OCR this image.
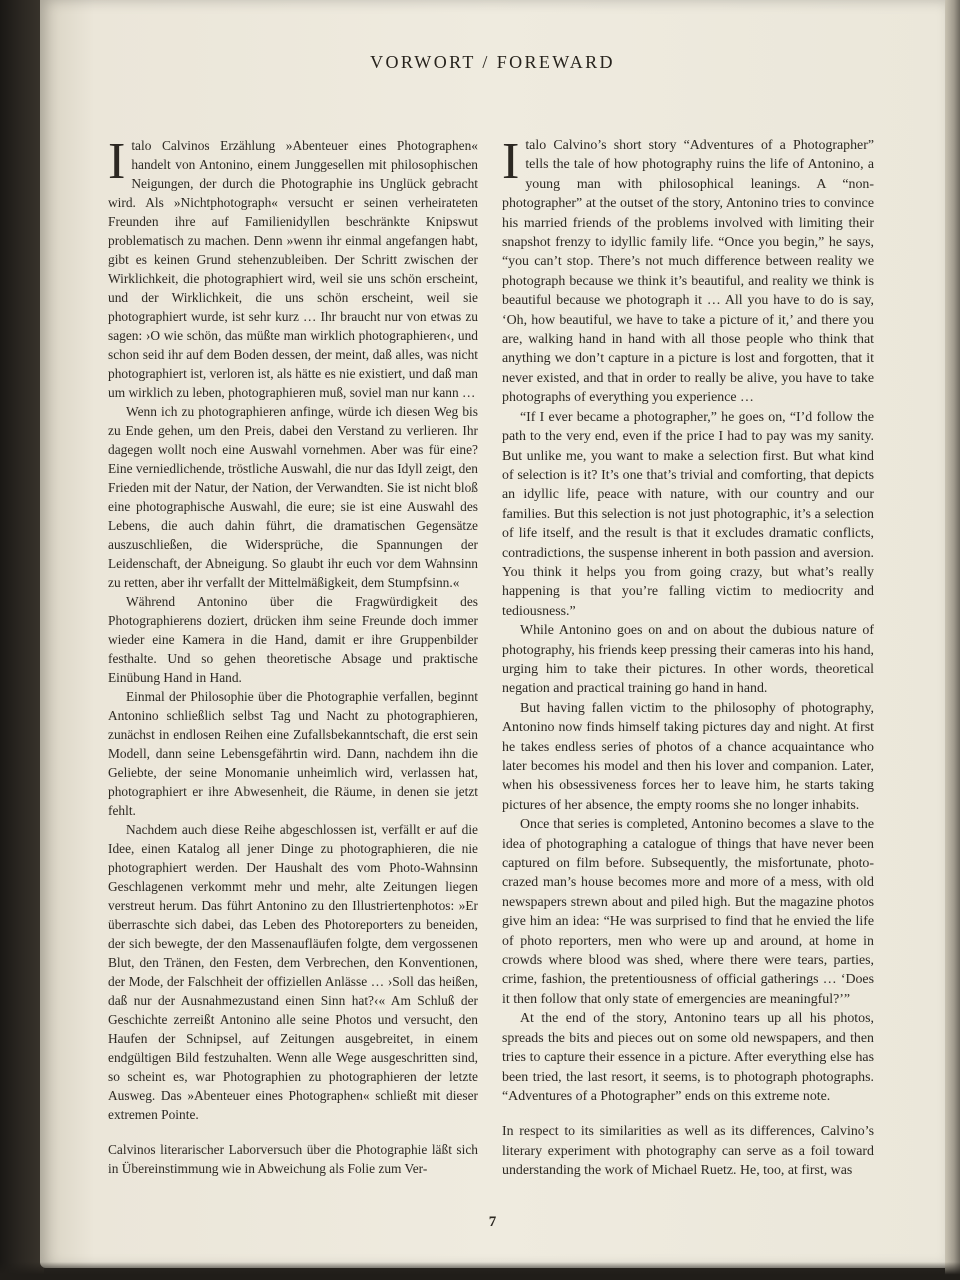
VORWORT / FOREWARD

Italo Calvinos Erzählung »Abenteuer eines Photographen« handelt von Antonino, einem Junggesellen mit philosophischen Neigungen, der durch die Photographie ins Unglück gebracht wird. Als »Nichtphotograph« versucht er seinen verheirateten Freunden ihre auf Familienidyllen beschränkte Knipswut problematisch zu machen. Denn »wenn ihr einmal angefangen habt, gibt es keinen Grund stehenzubleiben. Der Schritt zwischen der Wirklichkeit, die photographiert wird, weil sie uns schön erscheint, und der Wirklichkeit, die uns schön erscheint, weil sie photographiert wurde, ist sehr kurz … Ihr braucht nur von etwas zu sagen: ›O wie schön, das müßte man wirklich photographieren‹, und schon seid ihr auf dem Boden dessen, der meint, daß alles, was nicht photographiert ist, verloren ist, als hätte es nie existiert, und daß man um wirklich zu leben, photographieren muß, soviel man nur kann …

Wenn ich zu photographieren anfinge, würde ich diesen Weg bis zu Ende gehen, um den Preis, dabei den Verstand zu verlieren. Ihr dagegen wollt noch eine Auswahl vornehmen. Aber was für eine? Eine verniedlichende, tröstliche Auswahl, die nur das Idyll zeigt, den Frieden mit der Natur, der Nation, der Verwandten. Sie ist nicht bloß eine photographische Auswahl, die eure; sie ist eine Auswahl des Lebens, die auch dahin führt, die dramatischen Gegensätze auszuschließen, die Widersprüche, die Spannungen der Leidenschaft, der Abneigung. So glaubt ihr euch vor dem Wahnsinn zu retten, aber ihr verfallt der Mittelmäßigkeit, dem Stumpfsinn.«

Während Antonino über die Fragwürdigkeit des Photographierens doziert, drücken ihm seine Freunde doch immer wieder eine Kamera in die Hand, damit er ihre Gruppenbilder festhalte. Und so gehen theoretische Absage und praktische Einübung Hand in Hand.

Einmal der Philosophie über die Photographie verfallen, beginnt Antonino schließlich selbst Tag und Nacht zu photographieren, zunächst in endlosen Reihen eine Zufallsbekanntschaft, die erst sein Modell, dann seine Lebensgefährtin wird. Dann, nachdem ihn die Geliebte, der seine Monomanie unheimlich wird, verlassen hat, photographiert er ihre Abwesenheit, die Räume, in denen sie jetzt fehlt.

Nachdem auch diese Reihe abgeschlossen ist, verfällt er auf die Idee, einen Katalog all jener Dinge zu photographieren, die nie photographiert werden. Der Haushalt des vom Photo-Wahnsinn Geschlagenen verkommt mehr und mehr, alte Zeitungen liegen verstreut herum. Das führt Antonino zu den Illustriertenphotos: »Er überraschte sich dabei, das Leben des Photoreporters zu beneiden, der sich bewegte, der den Massenaufläufen folgte, dem vergossenen Blut, den Tränen, den Festen, dem Verbrechen, den Konventionen, der Mode, der Falschheit der offiziellen Anlässe … ›Soll das heißen, daß nur der Ausnahmezustand einen Sinn hat?‹« Am Schluß der Geschichte zerreißt Antonino alle seine Photos und versucht, den Haufen der Schnipsel, auf Zeitungen ausgebreitet, in einem endgültigen Bild festzuhalten. Wenn alle Wege ausgeschritten sind, so scheint es, war Photographien zu photographieren der letzte Ausweg. Das »Abenteuer eines Photographen« schließt mit dieser extremen Pointe.

Calvinos literarischer Laborversuch über die Photographie läßt sich in Übereinstimmung wie in Abweichung als Folie zum Ver-

Italo Calvino’s short story “Adventures of a Photographer” tells the tale of how photography ruins the life of Antonino, a young man with philosophical leanings. A “non-photographer” at the outset of the story, Antonino tries to convince his married friends of the problems involved with limiting their snapshot frenzy to idyllic family life. “Once you begin,” he says, “you can’t stop. There’s not much difference between reality we photograph because we think it’s beautiful, and reality we think is beautiful because we photograph it … All you have to do is say, ‘Oh, how beautiful, we have to take a picture of it,’ and there you are, walking hand in hand with all those people who think that anything we don’t capture in a picture is lost and forgotten, that it never existed, and that in order to really be alive, you have to take photographs of everything you experience …

“If I ever became a photographer,” he goes on, “I’d follow the path to the very end, even if the price I had to pay was my sanity. But unlike me, you want to make a selection first. But what kind of selection is it? It’s one that’s trivial and comforting, that depicts an idyllic life, peace with nature, with our country and our families. But this selection is not just photographic, it’s a selection of life itself, and the result is that it excludes dramatic conflicts, contradictions, the suspense inherent in both passion and aversion. You think it helps you from going crazy, but what’s really happening is that you’re falling victim to mediocrity and tediousness.”

While Antonino goes on and on about the dubious nature of photography, his friends keep pressing their cameras into his hand, urging him to take their pictures. In other words, theoretical negation and practical training go hand in hand.

But having fallen victim to the philosophy of photography, Antonino now finds himself taking pictures day and night. At first he takes endless series of photos of a chance acquaintance who later becomes his model and then his lover and companion. Later, when his obsessiveness forces her to leave him, he starts taking pictures of her absence, the empty rooms she no longer inhabits.

Once that series is completed, Antonino becomes a slave to the idea of photographing a catalogue of things that have never been captured on film before. Subsequently, the misfortunate, photo-crazed man’s house becomes more and more of a mess, with old newspapers strewn about and piled high. But the magazine photos give him an idea: “He was surprised to find that he envied the life of photo reporters, men who were up and around, at home in crowds where blood was shed, where there were tears, parties, crime, fashion, the pretentiousness of official gatherings … ‘Does it then follow that only state of emergencies are meaningful?’”

At the end of the story, Antonino tears up all his photos, spreads the bits and pieces out on some old newspapers, and then tries to capture their essence in a picture. After everything else has been tried, the last resort, it seems, is to photograph photographs. “Adventures of a Photographer” ends on this extreme note.

In respect to its similarities as well as its differences, Calvino’s literary experiment with photography can serve as a foil toward understanding the work of Michael Ruetz. He, too, at first, was

7
